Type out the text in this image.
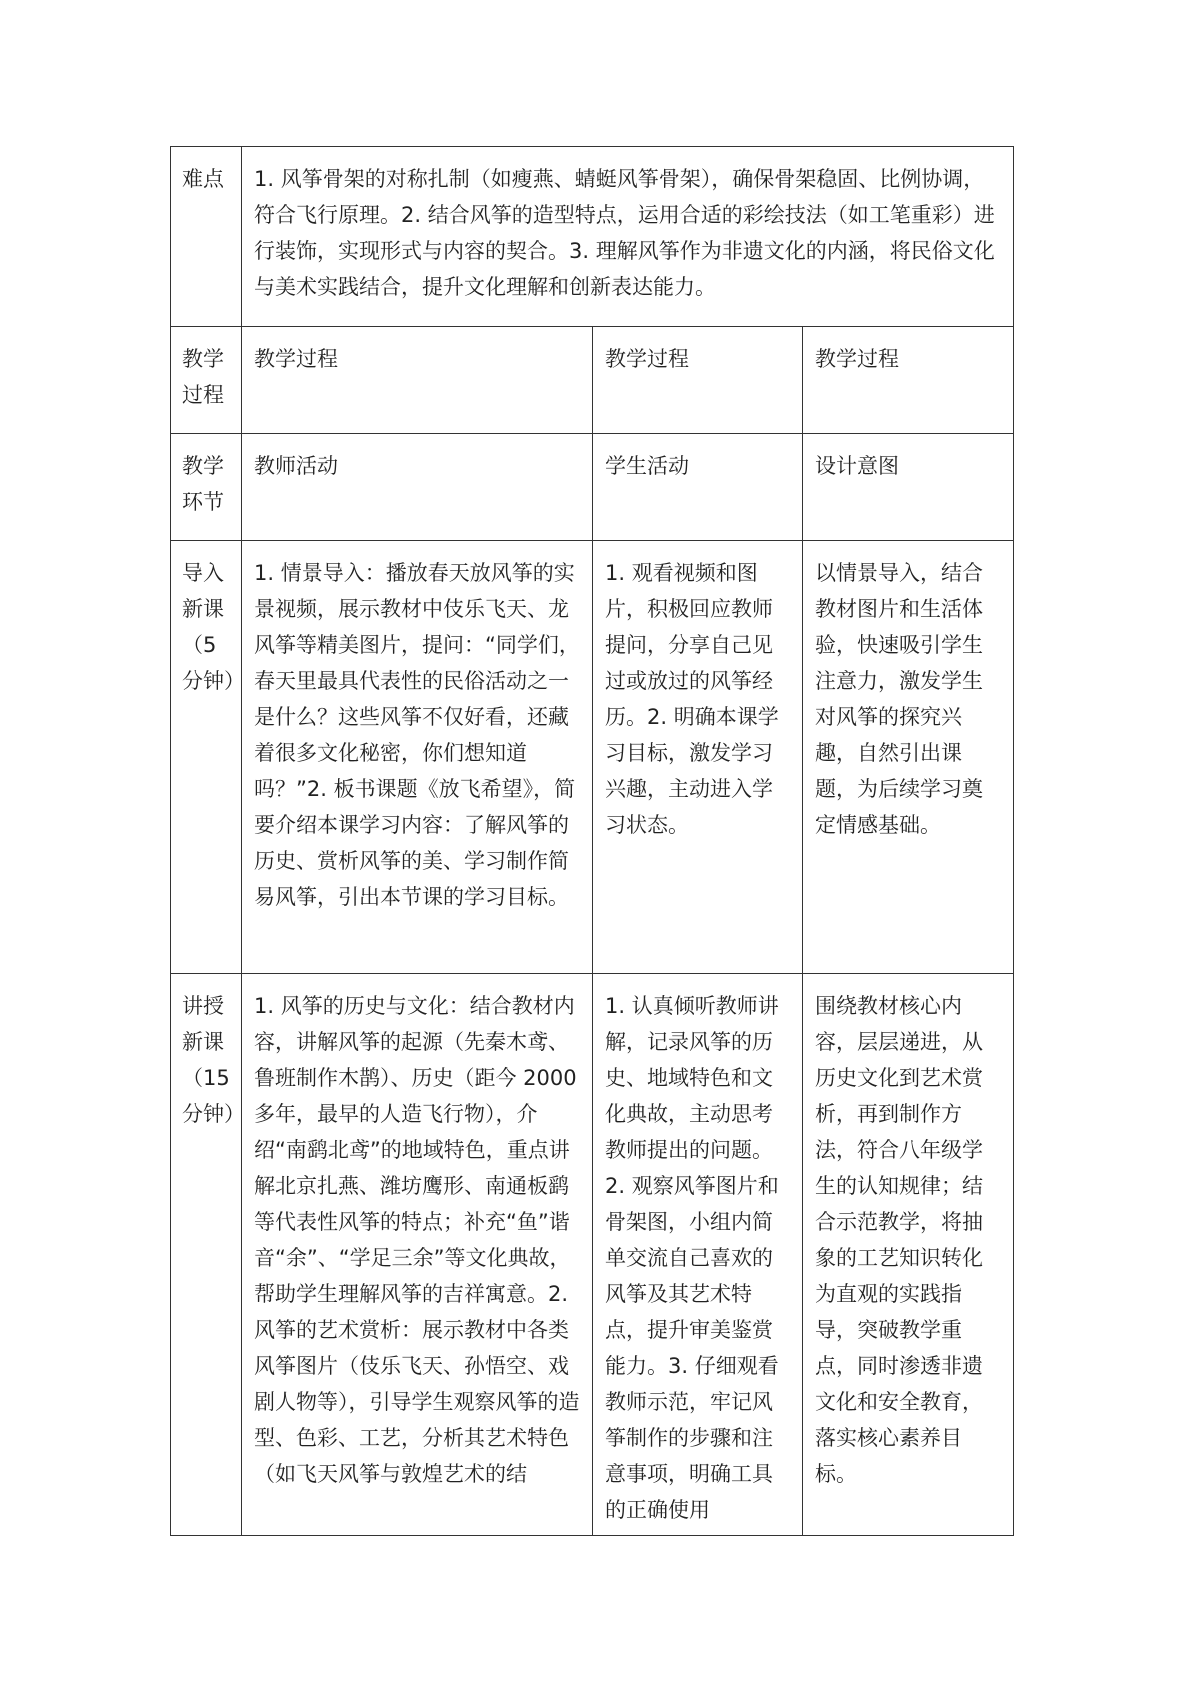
难点	1. 风筝骨架的对称扎制（如瘦燕、蜻蜓风筝骨架），确保骨架稳固、比例协调，符合飞行原理。2. 结合风筝的造型特点，运用合适的彩绘技法（如工笔重彩）进行装饰，实现形式与内容的契合。3. 理解风筝作为非遗文化的内涵，将民俗文化与美术实践结合，提升文化理解和创新表达能力。		
教学过程	教学过程	教学过程	教学过程
教学环节	教师活动	学生活动	设计意图
导入新课（5分钟）	1. 情景导入：播放春天放风筝的实景视频，展示教材中伎乐飞天、龙风筝等精美图片，提问：“同学们，春天里最具代表性的民俗活动之一是什么？这些风筝不仅好看，还藏着很多文化秘密，你们想知道吗？”2. 板书课题《放飞希望》，简要介绍本课学习内容：了解风筝的历史、赏析风筝的美、学习制作简易风筝，引出本节课的学习目标。	1. 观看视频和图片，积极回应教师提问，分享自己见过或放过的风筝经历。2. 明确本课学习目标，激发学习兴趣，主动进入学习状态。	以情景导入，结合教材图片和生活体验，快速吸引学生注意力，激发学生对风筝的探究兴趣，自然引出课题，为后续学习奠定情感基础。

讲授新课（15分钟）	1. 风筝的历史与文化：结合教材内容，讲解风筝的起源（先秦木鸢、鲁班制作木鹊）、历史（距今 2000 多年，最早的人造飞行物），介绍“南鹞北鸢”的地域特色，重点讲解北京扎燕、潍坊鹰形、南通板鹞等代表性风筝的特点；补充“鱼”谐音“余”、“学足三余”等文化典故，帮助学生理解风筝的吉祥寓意。2. 风筝的艺术赏析：展示教材中各类风筝图片（伎乐飞天、孙悟空、戏剧人物等），引导学生观察风筝的造型、色彩、工艺，分析其艺术特色（如飞天风筝与敦煌艺术的结	1. 认真倾听教师讲解，记录风筝的历史、地域特色和文化典故，主动思考教师提出的问题。2. 观察风筝图片和骨架图，小组内简单交流自己喜欢的风筝及其艺术特点，提升审美鉴赏能力。3. 仔细观看教师示范，牢记风筝制作的步骤和注意事项，明确工具的正确使用	围绕教材核心内容，层层递进，从历史文化到艺术赏析，再到制作方法，符合八年级学生的认知规律；结合示范教学，将抽象的工艺知识转化为直观的实践指导，突破教学重点，同时渗透非遗文化和安全教育，落实核心素养目标。
